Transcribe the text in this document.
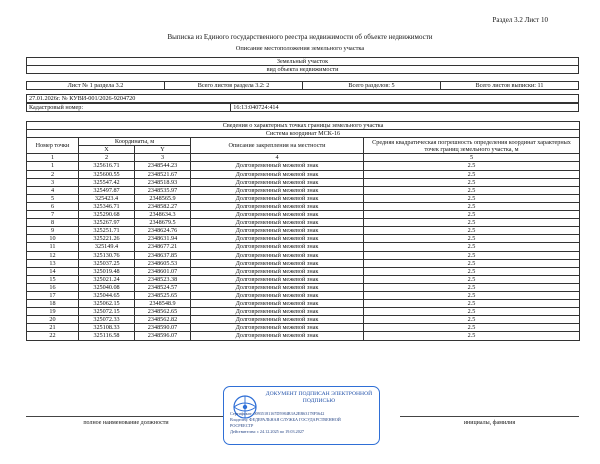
Раздел 3.2 Лист 10
Выписка из Единого государственного реестра недвижимости об объекте недвижимости
Описание местоположения земельного участка
Земельный участок
вид объекта недвижимости
Лист № 1 раздела 3.2	Всего листов раздела 3.2: 2	Всего разделов: 5	Всего листов выписки: 11
27.01.2026г. № КУВИ-001/2026-9204720
Кадастровый номер:	16:13:040724:414
Сведения о характерных точках границы земельного участка				
Система координат МСК-16				
Номер точки	Координаты, м		Описание закрепления на местности	Средняя квадратическая погрешность определения координат характерных точек границ земельного участка, м
	X	Y		
1	2	3	4	5
1	325616.71	2348544.23	Долговременный межевой знак	2.5
2	325600.55	2348521.67	Долговременный межевой знак	2.5
3	325547.42	2348518.93	Долговременный межевой знак	2.5
4	325497.87	2348535.97	Долговременный межевой знак	2.5
5	325423.4	2348565.9	Долговременный межевой знак	2.5
6	325346.71	2348582.27	Долговременный межевой знак	2.5
7	325290.68	2348634.3	Долговременный межевой знак	2.5
8	325267.97	2348679.5	Долговременный межевой знак	2.5
9	325251.71	2348624.76	Долговременный межевой знак	2.5
10	325221.26	2348631.94	Долговременный межевой знак	2.5
11	325149.4	2348677.21	Долговременный межевой знак	2.5
12	325130.76	2348637.85	Долговременный межевой знак	2.5
13	325037.25	2348605.53	Долговременный межевой знак	2.5
14	325019.48	2348601.07	Долговременный межевой знак	2.5
15	325021.24	2348523.38	Долговременный межевой знак	2.5
16	325040.08	2348524.57	Долговременный межевой знак	2.5
17	325044.65	2348525.65	Долговременный межевой знак	2.5
18	325062.15	2348548.9	Долговременный межевой знак	2.5
19	325072.15	2348562.65	Долговременный межевой знак	2.5
20	325072.33	2348562.82	Долговременный межевой знак	2.5
21	325108.33	2348590.07	Долговременный межевой знак	2.5
22	325116.58	2348596.07	Долговременный межевой знак	2.5
полное наименование должности	инициалы, фамилия
ДОКУМЕНТ ПОДПИСАН ЭЛЕКТРОННОЙ ПОДПИСЬЮ
Сертификат: 00935181167D5984B3A2EB63178F5642
Владелец: ФЕДЕРАЛЬНАЯ СЛУЖБА ГОСУДАРСТВЕННОЙ
РОСРЕЕСТР
Действителен: с 24.12.2025 по 19.03.2027
